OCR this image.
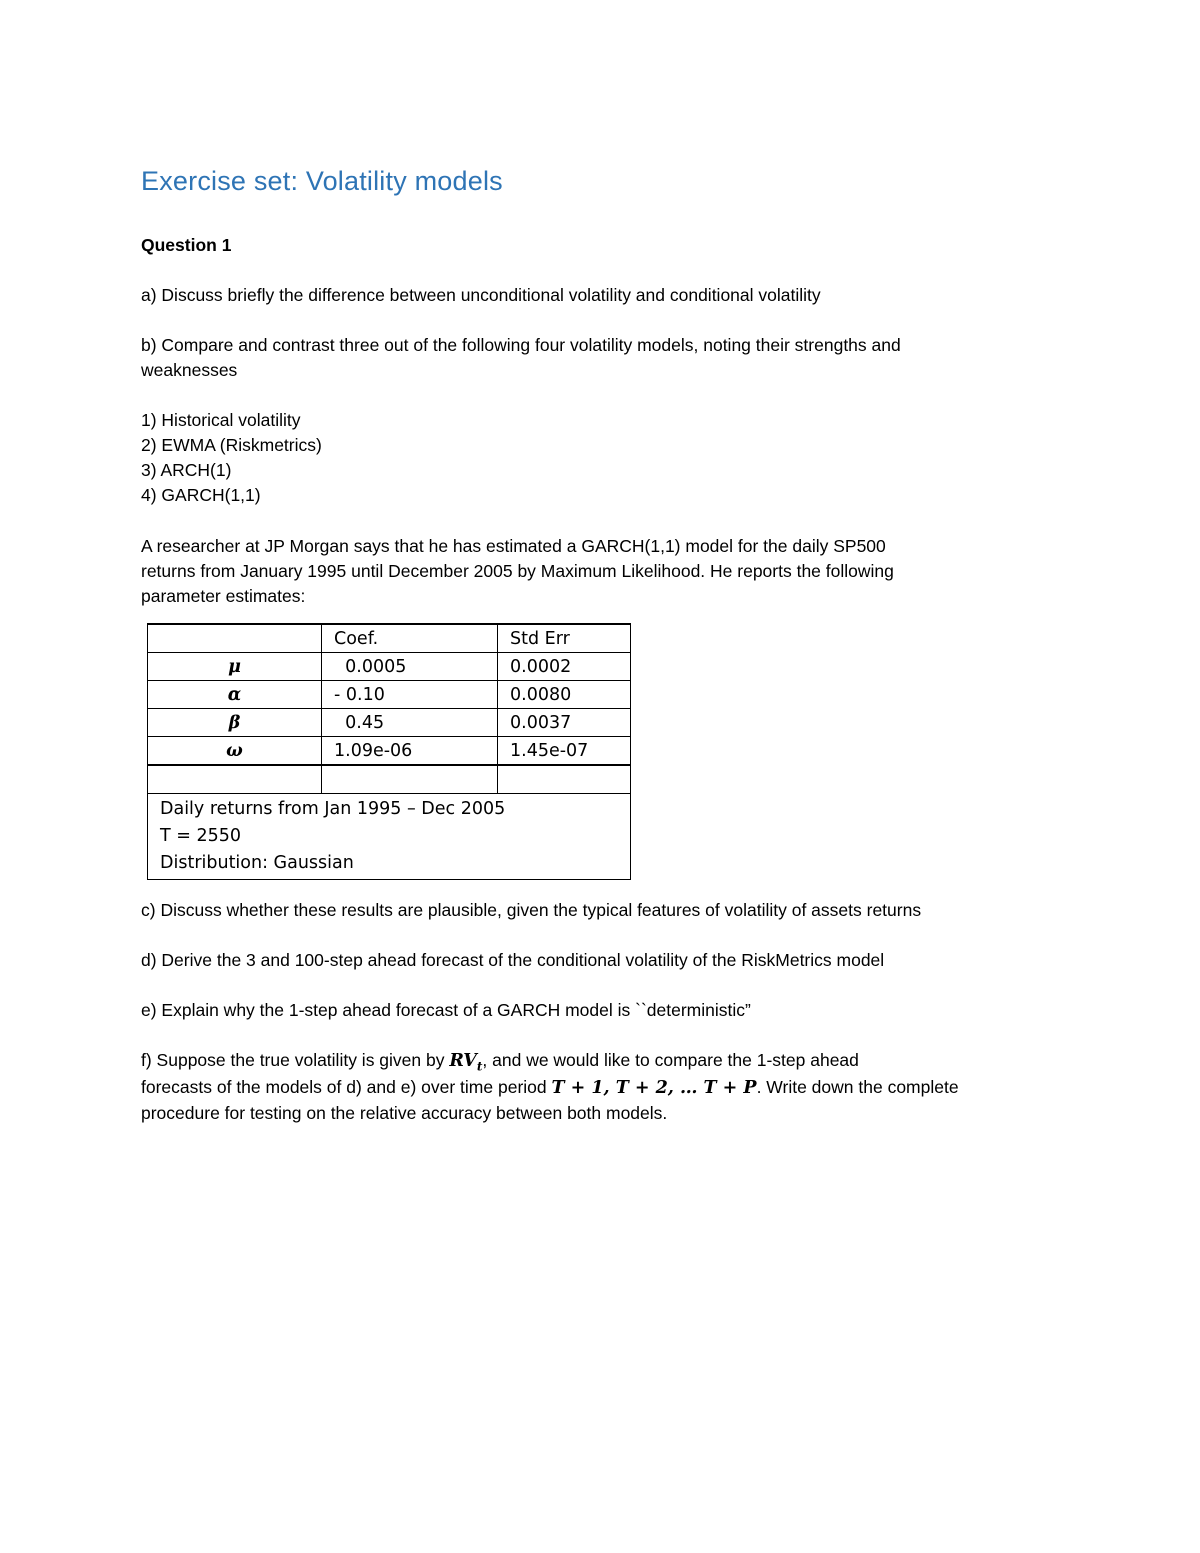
Exercise set: Volatility models
Question 1
a) Discuss briefly the difference between unconditional volatility and conditional volatility
b) Compare and contrast three out of the following four volatility models, noting their strengths and
weaknesses
1) Historical volatility
2) EWMA (Riskmetrics)
3) ARCH(1)
4) GARCH(1,1)
A researcher at JP Morgan says that he has estimated a GARCH(1,1) model for the daily SP500
returns from January 1995 until December 2005 by Maximum Likelihood. He reports the following
parameter estimates:
	Coef.	Std Err
μ	0.0005	0.0002
α	- 0.10	0.0080
β	0.45	0.0037
ω	1.09e-06	1.45e-07

Daily returns from Jan 1995 – Dec 2005
T = 2550
Distribution: Gaussian		
c) Discuss whether these results are plausible, given the typical features of volatility of assets returns
d) Derive the 3 and 100-step ahead forecast of the conditional volatility of the RiskMetrics model
e) Explain why the 1-step ahead forecast of a GARCH model is ``deterministic”
f) Suppose the true volatility is given by $RV_t$, and we would like to compare the 1-step ahead
forecasts of the models of d) and e) over time period T + 1, T + 2, … T + P. Write down the complete
procedure for testing on the relative accuracy between both models.
